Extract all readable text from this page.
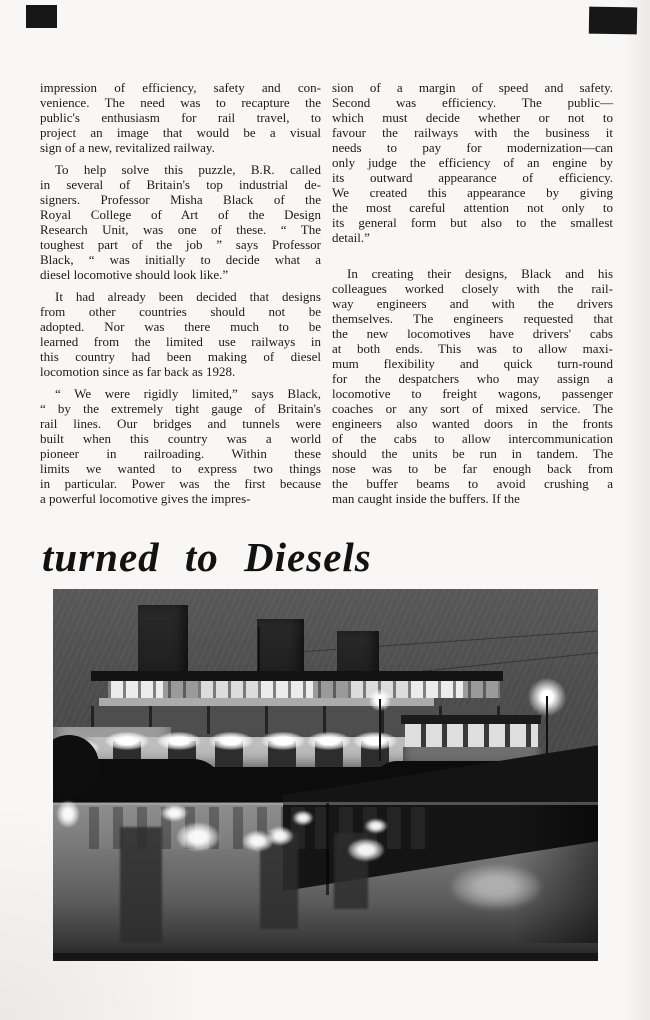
impression of efficiency, safety and con-
venience. The need was to recapture the
public's enthusiasm for rail travel, to
project an image that would be a visual
sign of a new, revitalized railway.
To help solve this puzzle, B.R. called
in several of Britain's top industrial de-
signers. Professor Misha Black of the
Royal College of Art of the Design
Research Unit, was one of these. “ The
toughest part of the job ” says Professor
Black, “ was initially to decide what a
diesel locomotive should look like.”
It had already been decided that designs
from other countries should not be
adopted. Nor was there much to be
learned from the limited use railways in
this country had been making of diesel
locomotion since as far back as 1928.
“ We were rigidly limited,” says Black,
“ by the extremely tight gauge of Britain's
rail lines. Our bridges and tunnels were
built when this country was a world
pioneer in railroading. Within these
limits we wanted to express two things
in particular. Power was the first because
a powerful locomotive gives the impres-
sion of a margin of speed and safety.
Second was efficiency. The public—
which must decide whether or not to
favour the railways with the business it
needs to pay for modernization—can
only judge the efficiency of an engine by
its outward appearance of efficiency.
We created this appearance by giving
the most careful attention not only to
its general form but also to the smallest
detail.”
In creating their designs, Black and his
colleagues worked closely with the rail-
way engineers and with the drivers
themselves. The engineers requested that
the new locomotives have drivers' cabs
at both ends. This was to allow maxi-
mum flexibility and quick turn-round
for the despatchers who may assign a
locomotive to freight wagons, passenger
coaches or any sort of mixed service. The
engineers also wanted doors in the fronts
of the cabs to allow intercommunication
should the units be run in tandem. The
nose was to be far enough back from
the buffer beams to avoid crushing a
man caught inside the buffers. If the
turned to Diesels
